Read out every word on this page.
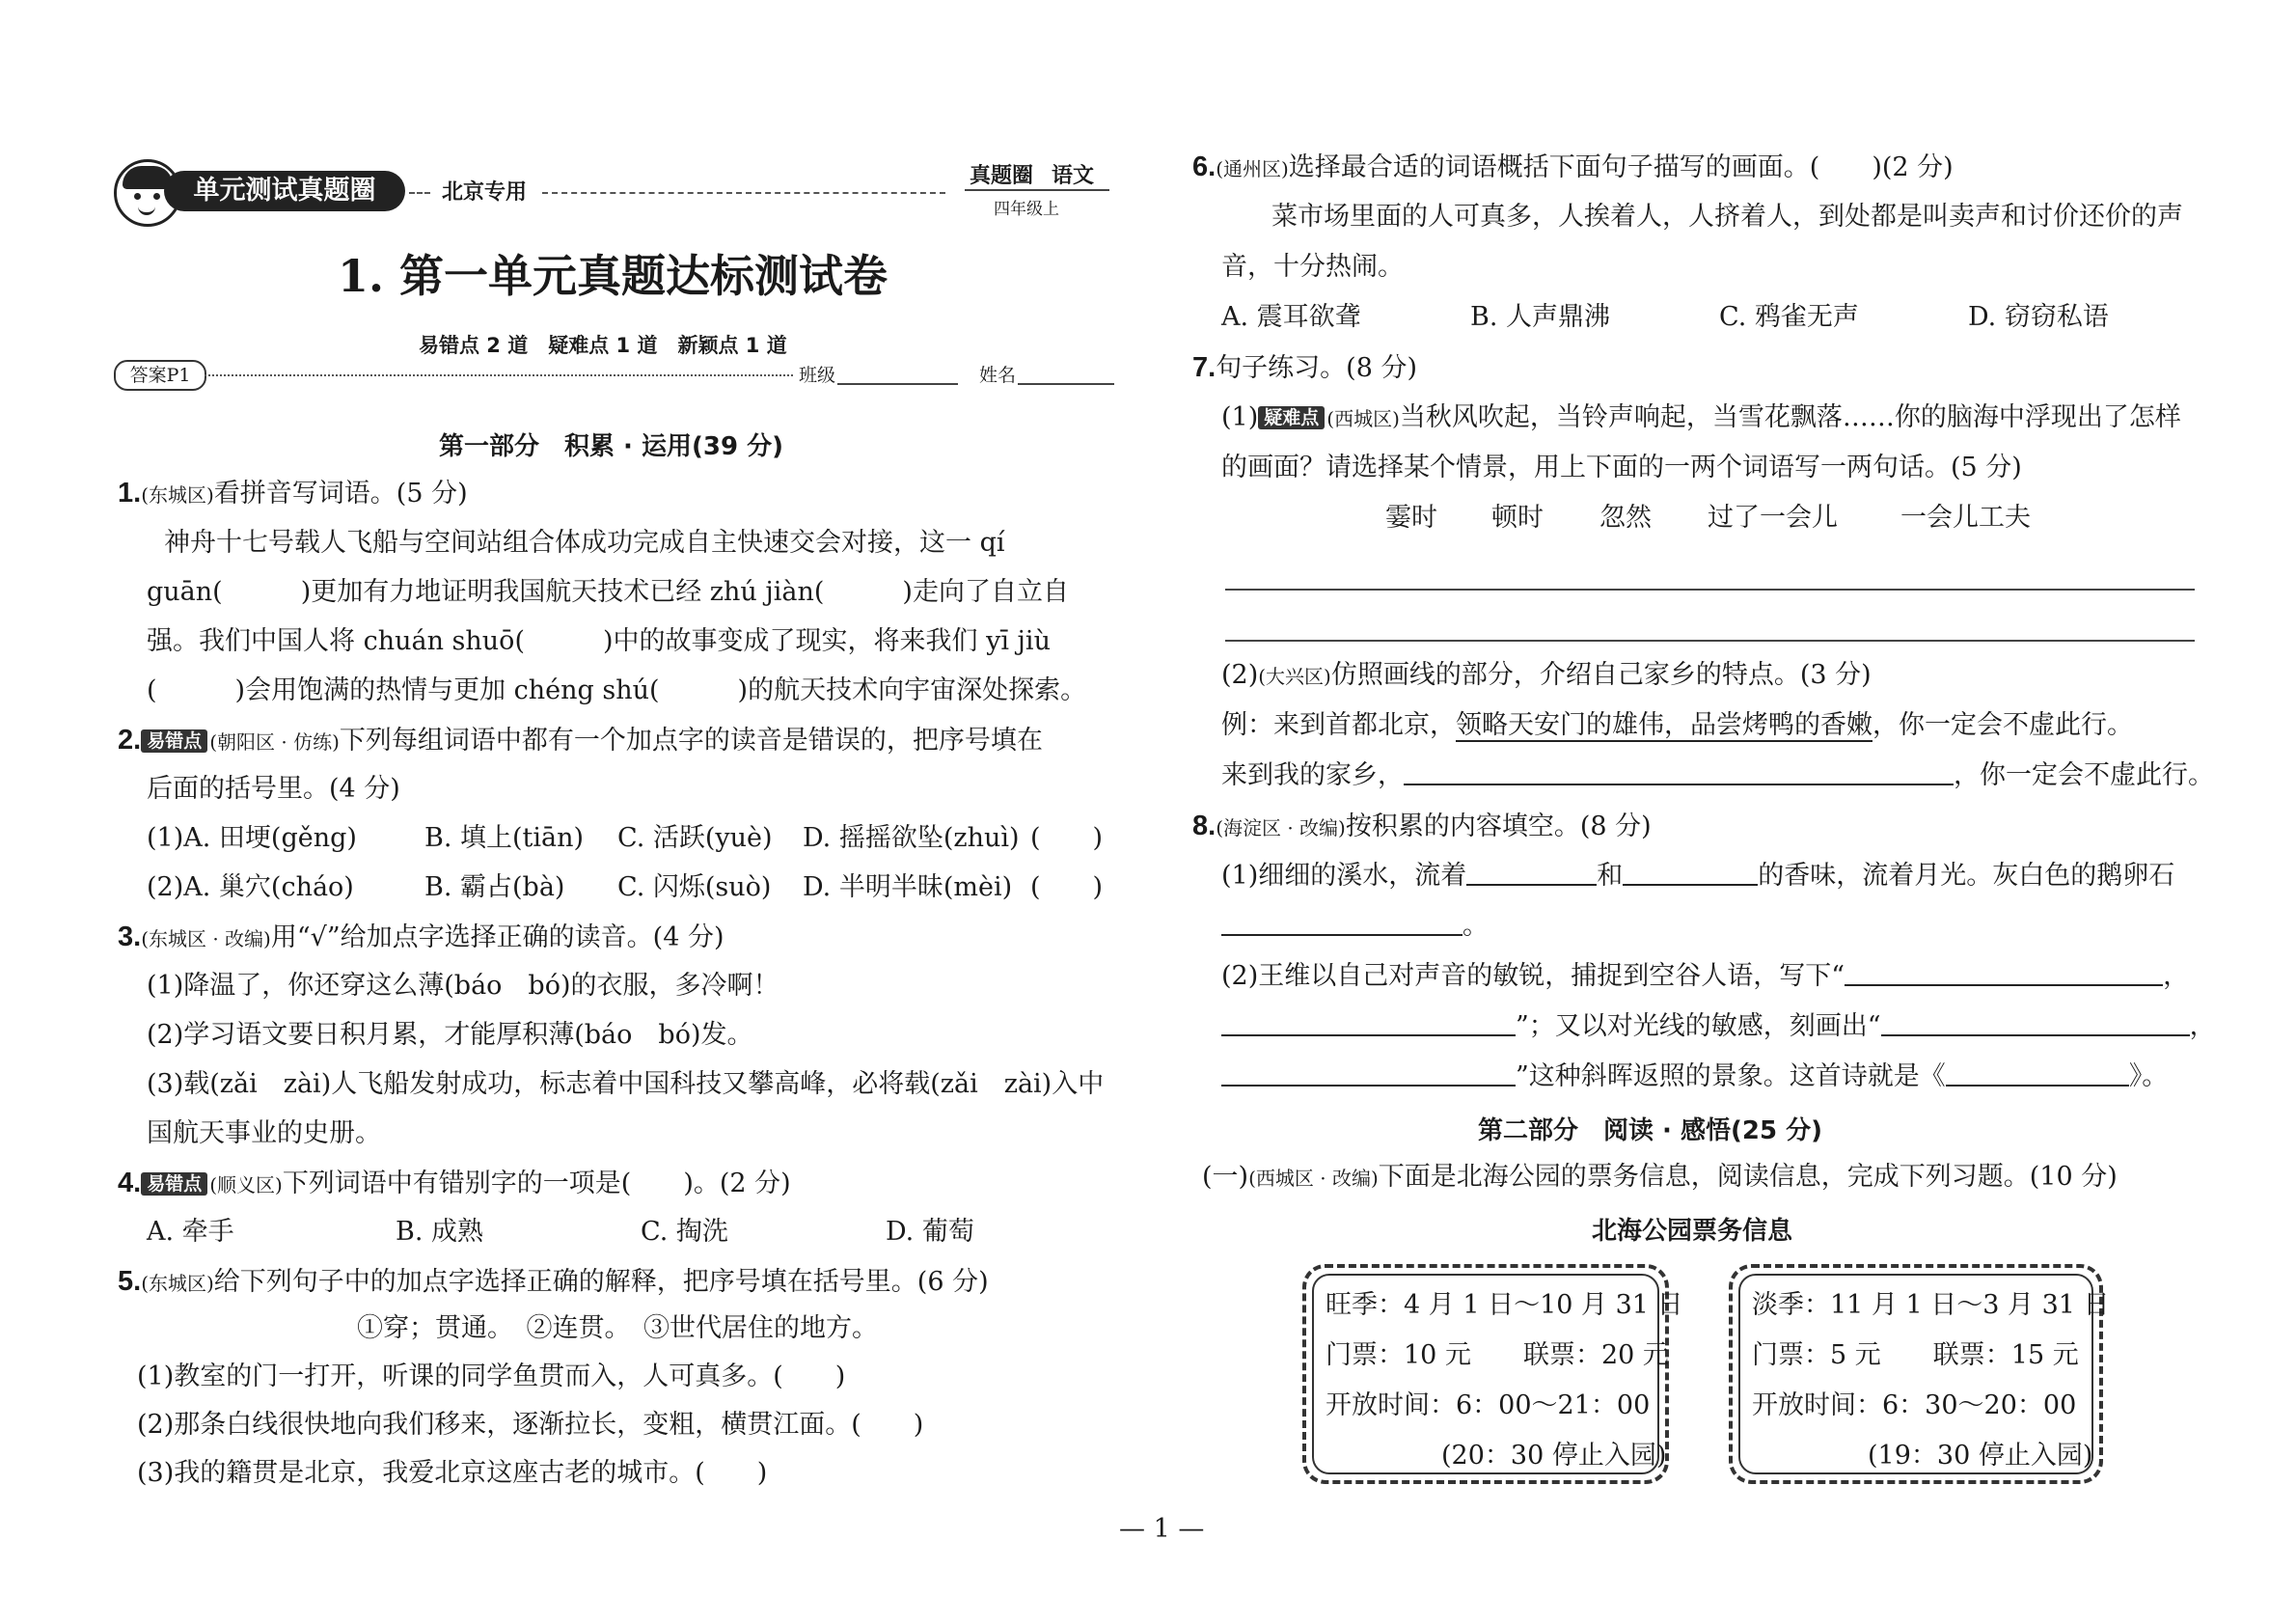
单元测试真题圈	北京专用
真题圈 语文
四年级上
1. 第一单元真题达标测试卷
易错点 2 道　疑难点 1 道　新颖点 1 道
答案P1	班级	姓名
第一部分　积累 · 运用(39 分)
1.(东城区)看拼音写词语。(5 分)
神舟十七号载人飞船与空间站组合体成功完成自主快速交会对接，这一 qí
guān(　　　)更加有力地证明我国航天技术已经 zhú jiàn(　　　)走向了自立自
强。我们中国人将 chuán shuō(　　　)中的故事变成了现实，将来我们 yī jiù
(　　　)会用饱满的热情与更加 chéng shú(　　　)的航天技术向宇宙深处探索。
2. 易错点 (朝阳区 · 仿练)下列每组词语中都有一个加点字的读音是错误的，把序号填在
后面的括号里。(4 分)
(1)A. 田埂(gěng)	B. 填上(tiān) C. 活跃(yuè) D. 摇摇欲坠(zhuì) (　　)
(2)A. 巢穴(cháo)	B. 霸占(bà) C. 闪烁(suò) D. 半明半昧(mèi) (　　)
3.(东城区 · 改编)用“√”给加点字选择正确的读音。(4 分)
(1)降温了，你还穿这么薄(báo　bó)的衣服，多冷啊！
(2)学习语文要日积月累，才能厚积薄(báo　bó)发。
(3)载(zǎi　zài)人飞船发射成功，标志着中国科技又攀高峰，必将载(zǎi　zài)入中
国航天事业的史册。
4. 易错点 (顺义区)下列词语中有错别字的一项是(　　)。(2 分)
A. 牵手	B. 成熟	C. 掏洗	D. 葡萄
5.(东城区)给下列句子中的加点字选择正确的解释，把序号填在括号里。(6 分)
①穿；贯通。　②连贯。　③世代居住的地方。
(1)教室的门一打开，听课的同学鱼贯而入，人可真多。(　　)
(2)那条白线很快地向我们移来，逐渐拉长，变粗，横贯江面。(　　)
(3)我的籍贯是北京，我爱北京这座古老的城市。(　　)
6.(通州区)选择最合适的词语概括下面句子描写的画面。(　　)(2 分)
菜市场里面的人可真多，人挨着人，人挤着人，到处都是叫卖声和讨价还价的声
音，十分热闹。
A. 震耳欲聋	B. 人声鼎沸	C. 鸦雀无声	D. 窃窃私语
7.句子练习。(8 分)
(1) 疑难点 (西城区)当秋风吹起，当铃声响起，当雪花飘落……你的脑海中浮现出了怎样
的画面？请选择某个情景，用上下面的一两个词语写一两句话。(5 分)
霎时 顿时 忽然 过了一会儿 一会儿工夫
(2)(大兴区)仿照画线的部分，介绍自己家乡的特点。(3 分)
例：来到首都北京，领略天安门的雄伟，品尝烤鸭的香嫩，你一定会不虚此行。
来到我的家乡，	，你一定会不虚此行。
8.(海淀区 · 改编)按积累的内容填空。(8 分)
(1)细细的溪水，流着	和	的香味，流着月光。灰白色的鹅卵石
。
(2)王维以自己对声音的敏锐，捕捉到空谷人语，写下“	，
”；又以对光线的敏感，刻画出“	，
”这种斜晖返照的景象。这首诗就是《	》。
第二部分　阅读 · 感悟(25 分)
(一)(西城区 · 改编)下面是北海公园的票务信息，阅读信息，完成下列习题。(10 分)
北海公园票务信息
旺季：4 月 1 日～10 月 31 日
门票：10 元　　联票：20 元
开放时间：6：00～21：00
(20：30 停止入园)
淡季：11 月 1 日～3 月 31 日
门票：5 元　　联票：15 元
开放时间：6：30～20：00
(19：30 停止入园)
— 1 —
